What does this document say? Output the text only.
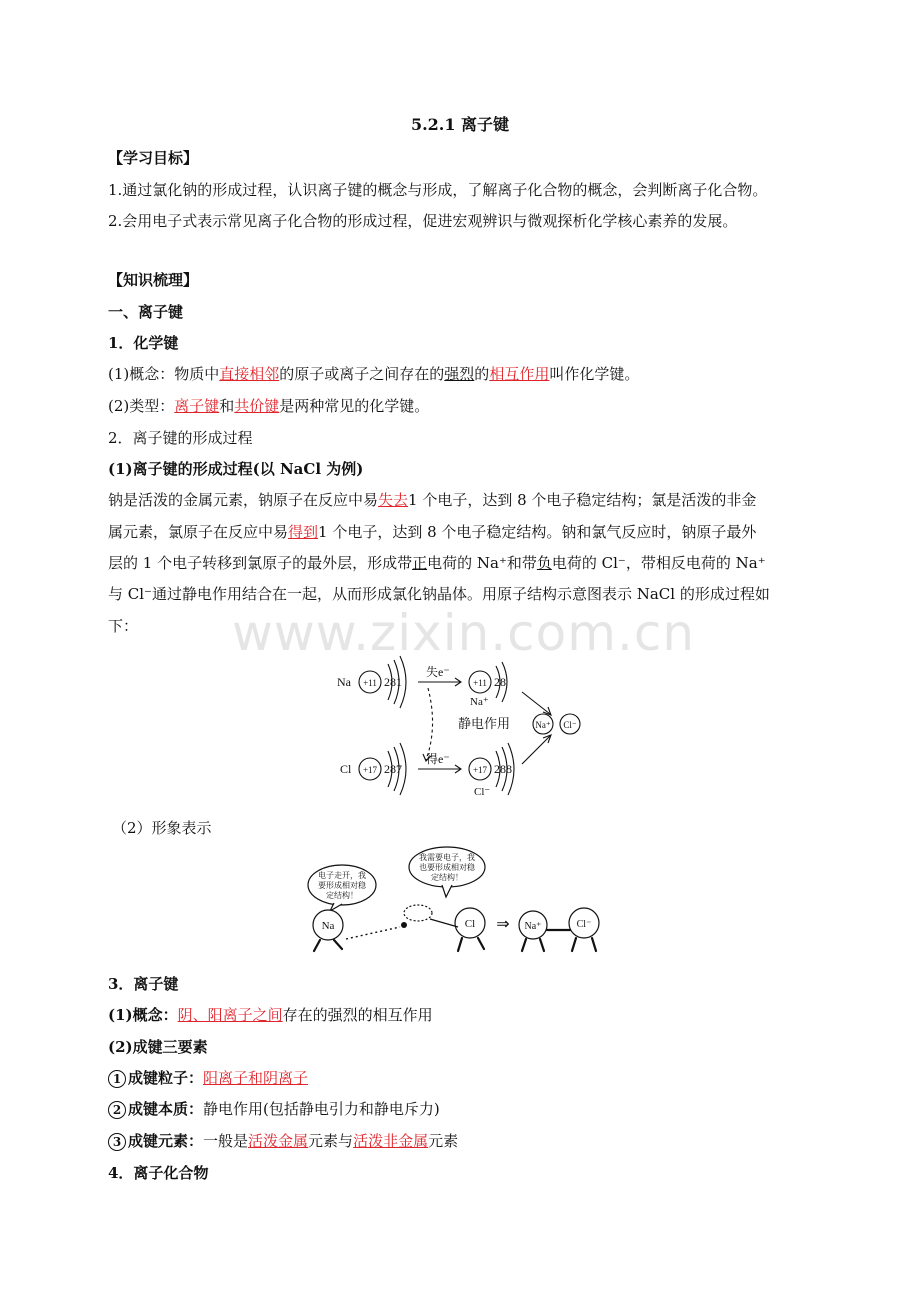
5.2.1 离子键
【学习目标】
1.通过氯化钠的形成过程，认识离子键的概念与形成，了解离子化合物的概念，会判断离子化合物。
2.会用电子式表示常见离子化合物的形成过程，促进宏观辨识与微观探析化学核心素养的发展。
【知识梳理】
一、离子键
1．化学键
(1)概念：物质中直接相邻的原子或离子之间存在的强烈的相互作用叫作化学键。
(2)类型：离子键和共价键是两种常见的化学键。
2．离子键的形成过程
(1)离子键的形成过程(以 NaCl 为例)
钠是活泼的金属元素，钠原子在反应中易失去1 个电子，达到 8 个电子稳定结构；氯是活泼的非金
属元素，氯原子在反应中易得到1 个电子，达到 8 个电子稳定结构。钠和氯气反应时，钠原子最外
层的 1 个电子转移到氯原子的最外层，形成带正电荷的 Na⁺和带负电荷的 Cl⁻，带相反电荷的 Na⁺
与 Cl⁻通过静电作用结合在一起，从而形成氯化钠晶体。用原子结构示意图表示 NaCl 的形成过程如
下： www.zixin.com.cn
Na +11 281
失e⁻
+11 28
Na⁺
静电作用	Na⁺ Cl⁻
Cl +17 287
得e⁻
+17 288
Cl⁻
（2）形象表示
电子走开，我
要形成相对稳
定结构！
我需要电子，我
也要形成相对稳
定结构！
Na	Cl ⇒ Na⁺	Cl⁻
3．离子键
(1)概念：阴、阳离子之间存在的强烈的相互作用
(2)成键三要素
1 成键粒子：阳离子和阴离子
2 成键本质：静电作用(包括静电引力和静电斥力)
3 成键元素：一般是活泼金属元素与活泼非金属元素
4．离子化合物
